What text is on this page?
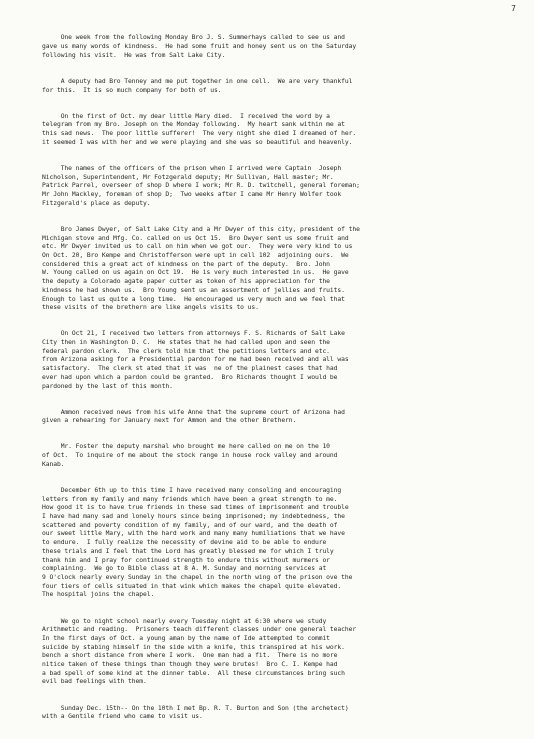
7

One week from the following Monday Bro J. S. Summerhays called to see us and
gave us many words of kindness.  He had some fruit and honey sent us on the Saturday
following his visit.  He was from Salt Lake City.

A deputy had Bro Tenney and me put together in one cell.  We are very thankful
for this.  It is so much company for both of us.

On the first of Oct. my dear little Mary died.  I received the word by a
telegram from my Bro. Joseph on the Monday following.  My heart sank within me at
this sad news.  The poor little sufferer!  The very night she died I dreamed of her.
it seemed I was with her and we were playing and she was so beautiful and heavenly.

The names of the officers of the prison when I arrived were Captain  Joseph
Nicholson, Superintendent, Mr Fotzgerald deputy; Mr Sullivan, Hall master; Mr.
Patrick Parrel, overseer of shop D where I work; Mr R. D. twitchell, general foreman;
Mr John Mackley, foreman of shop D;  Two weeks after I came Mr Henry Wolfer took
Fitzgerald's place as deputy.

Bro James Dwyer, of Salt Lake City and a Mr Dwyer of this city, president of the
Michigan stove and Mfg. Co. called on us Oct 15.  Bro Dwyer sent us some fruit and
etc. Mr Dwyer invited us to call on him when we got our.  They were very kind to us
On Oct. 20, Bro Kempe and Christofferson were upt in cell 102  adjoining ours.  We
considered this a great act of kindness on the part of the deputy.  Bro. John
W. Young called on us again on Oct 19.  He is very much interested in us.  He gave
the deputy a Colorado agate paper cutter as token of his appreciation for the
kindness he had shown us.  Bro Young sent us an assortment of jellies and fruits.
Enough to last us quite a long time.  He encouraged us very much and we feel that
these visits of the brethern are like angels visits to us.

On Oct 21, I received two letters from attorneys F. S. Richards of Salt Lake
City then in Washington D. C.  He states that he had called upon and seen the
federal pardon clerk.  The clerk told him that the petitions letters and etc.
from Arizona asking for a Presidential pardon for me had been received and all was
satisfactory.  The clerk st ated that it was  ne of the plainest cases that had
ever had upon which a pardon could be granted.  Bro Richards thought I would be
pardoned by the last of this month.

Ammon received news from his wife Anne that the supreme court of Arizona had
given a rehearing for January next for Ammon and the other Brethern.

Mr. Foster the deputy marshal who brought me here called on me on the 10
of Oct.  To inquire of me about the stock range in house rock valley and around
Kanab.

December 6th up to this time I have received many consoling and encouraging
letters from my family and many friends which have been a great strength to me.
How good it is to have true friends in these sad times of imprisonment and trouble
I have had many sad and lonely hours since being imprisoned; my indebtedness, the
scattered and poverty condition of my family, and of our ward, and the death of
our sweet little Mary, with the hard work and many many humiliations that we have
to endure.  I fully realize the necessity of devine aid to be able to endure
these trials and I feel that the Lord has greatly blessed me for which I truly
thank him and I pray for continued strength to endure this without murmers or
complaining.  We go to Bible class at 8 A. M. Sunday and morning services at
9 O'clock nearly every Sunday in the chapel in the north wing of the prison ove the
four tiers of cells situated in that wink which makes the chapel quite elevated.
The hospital joins the chapel.

We go to night school nearly every Tuesday night at 6:30 where we study
Arithmetic and reading.  Prisoners teach different classes under one general teacher
In the first days of Oct. a young aman by the name of Ide attempted to commit
suicide by stabing himself in the side with a knife, this transpired at his work.
bench a short distance from where I work.  One man had a fit.  There is no more
nitice taken of these things than though they were brutes!  Bro C. I. Kempe had
a bad spell of some kind at the dinner table.  All these circumstances bring such
evil bad feelings with them.

Sunday Dec. 15th-- On the 10th I met Bp. R. T. Burton and Son (the archetect)
with a Gentile friend who came to visit us.
